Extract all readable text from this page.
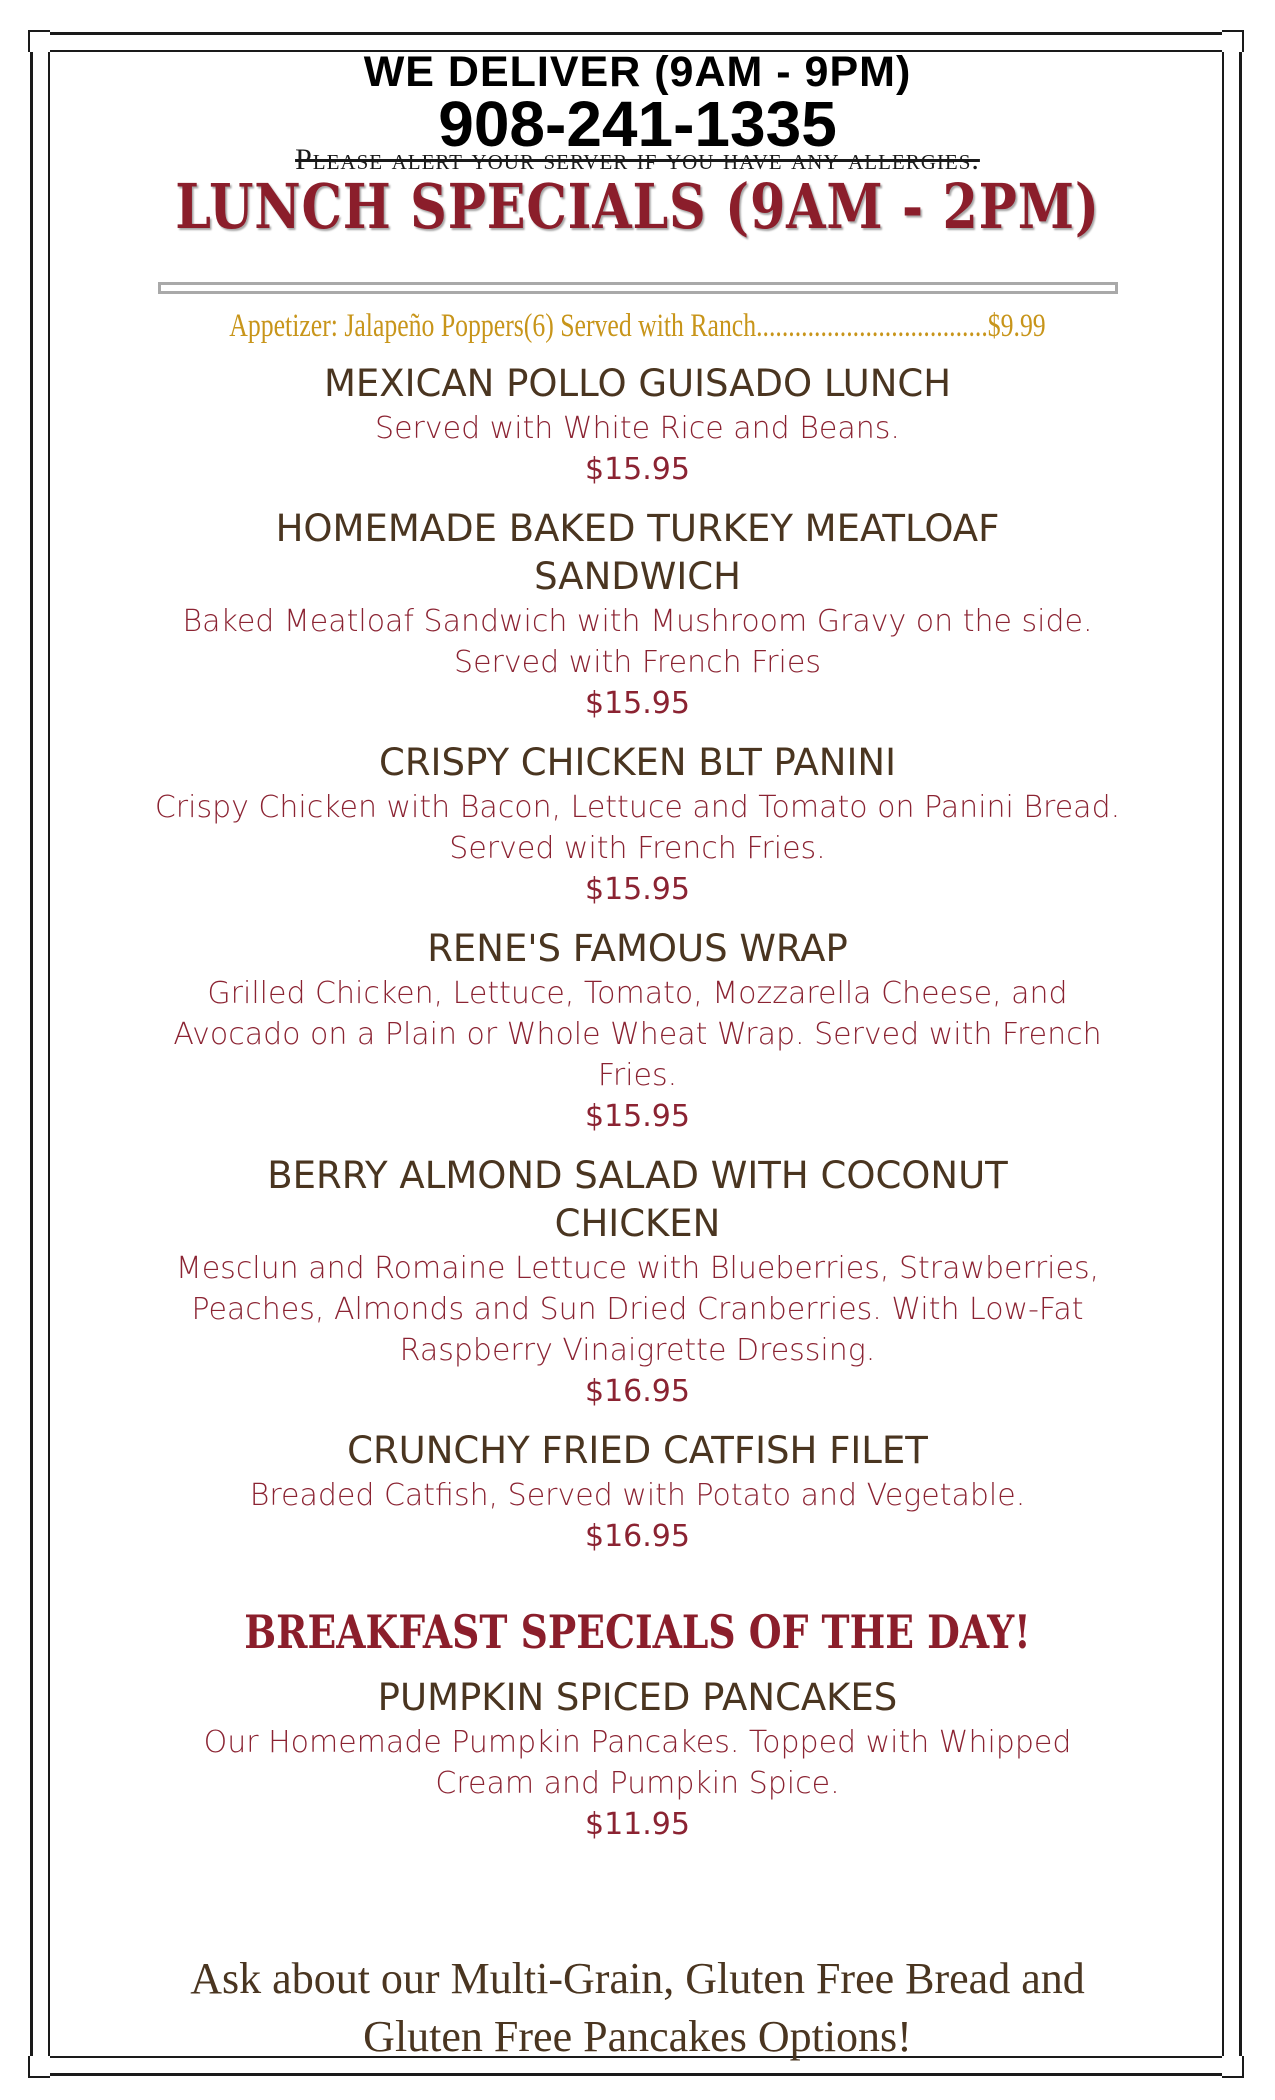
WE DELIVER (9AM - 9PM)
908-241-1335
Please alert your server if you have any allergies.
LUNCH SPECIALS (9AM - 2PM)
Appetizer: Jalapeño Poppers(6) Served with Ranch....................................$9.99
MEXICAN POLLO GUISADO LUNCH
Served with White Rice and Beans.
$15.95
HOMEMADE BAKED TURKEY MEATLOAF SANDWICH
Baked Meatloaf Sandwich with Mushroom Gravy on the side. Served with French Fries
$15.95
CRISPY CHICKEN BLT PANINI
Crispy Chicken with Bacon, Lettuce and Tomato on Panini Bread. Served with French Fries.
$15.95
RENE'S FAMOUS WRAP
Grilled Chicken, Lettuce, Tomato, Mozzarella Cheese, and Avocado on a Plain or Whole Wheat Wrap. Served with French Fries.
$15.95
BERRY ALMOND SALAD WITH COCONUT CHICKEN
Mesclun and Romaine Lettuce with Blueberries, Strawberries, Peaches, Almonds and Sun Dried Cranberries. With Low-Fat Raspberry Vinaigrette Dressing.
$16.95
CRUNCHY FRIED CATFISH FILET
Breaded Catfish, Served with Potato and Vegetable.
$16.95
BREAKFAST SPECIALS OF THE DAY!
PUMPKIN SPICED PANCAKES
Our Homemade Pumpkin Pancakes. Topped with Whipped Cream and Pumpkin Spice.
$11.95
Ask about our Multi-Grain, Gluten Free Bread and
Gluten Free Pancakes Options!
